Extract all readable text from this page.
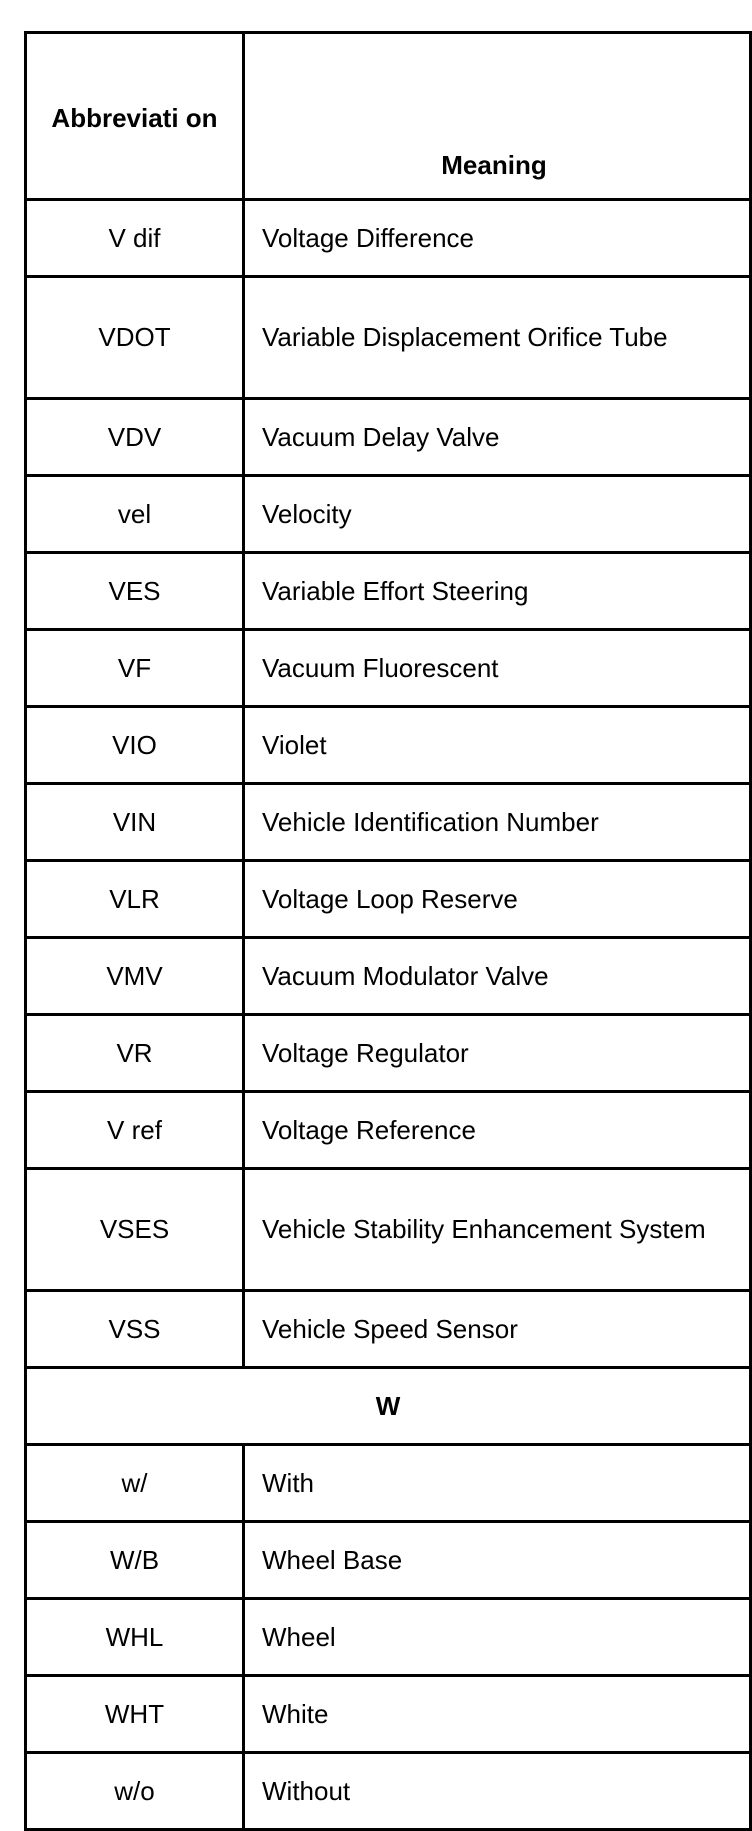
Abbreviati on	Meaning
V dif	Voltage Difference
VDOT	Variable Displacement Orifice Tube
VDV	Vacuum Delay Valve
vel	Velocity
VES	Variable Effort Steering
VF	Vacuum Fluorescent
VIO	Violet
VIN	Vehicle Identification Number
VLR	Voltage Loop Reserve
VMV	Vacuum Modulator Valve
VR	Voltage Regulator
V ref	Voltage Reference
VSES	Vehicle Stability Enhancement System
VSS	Vehicle Speed Sensor
W	
w/	With
W/B	Wheel Base
WHL	Wheel
WHT	White
w/o	Without
